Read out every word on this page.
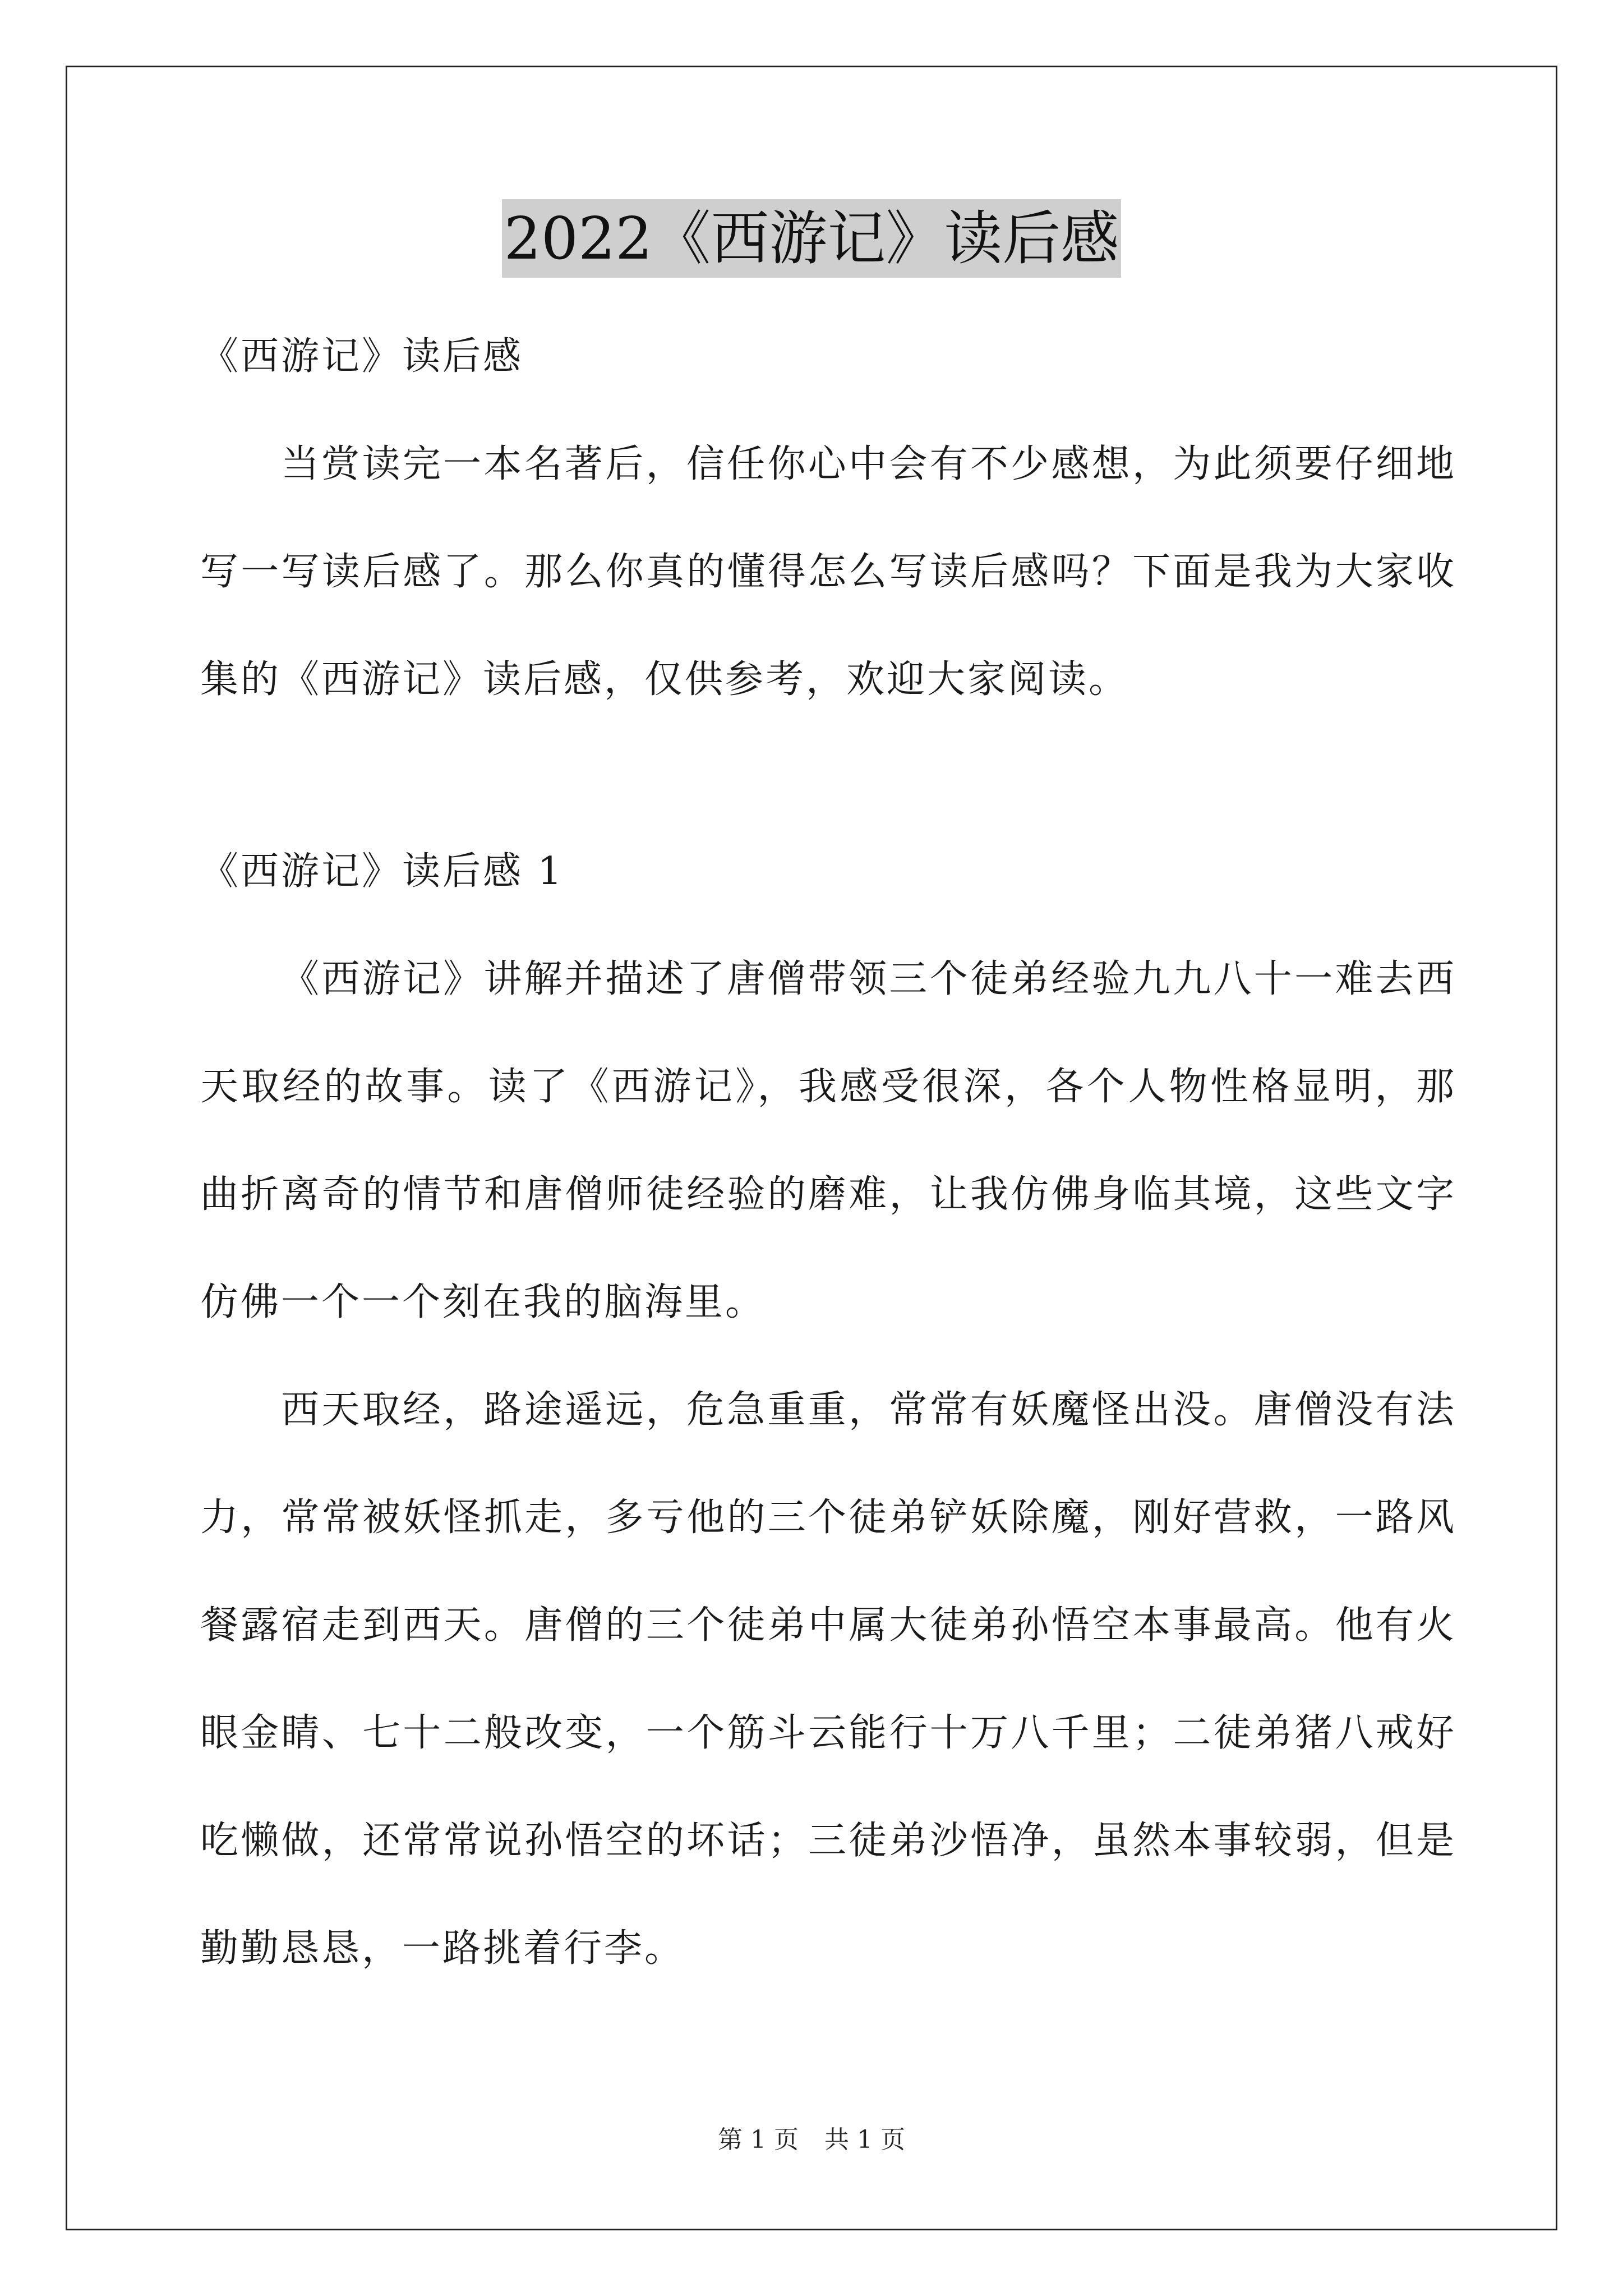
2022《西游记》读后感

《西游记》读后感

当赏读完一本名著后，信任你心中会有不少感想，为此须要仔细地写一写读后感了。那么你真的懂得怎么写读后感吗？下面是我为大家收集的《西游记》读后感，仅供参考，欢迎大家阅读。

《西游记》读后感 1

《西游记》讲解并描述了唐僧带领三个徒弟经验九九八十一难去西天取经的故事。读了《西游记》，我感受很深，各个人物性格显明，那曲折离奇的情节和唐僧师徒经验的磨难，让我仿佛身临其境，这些文字仿佛一个一个刻在我的脑海里。

西天取经，路途遥远，危急重重，常常有妖魔怪出没。唐僧没有法力，常常被妖怪抓走，多亏他的三个徒弟铲妖除魔，刚好营救，一路风餐露宿走到西天。唐僧的三个徒弟中属大徒弟孙悟空本事最高。他有火眼金睛、七十二般改变，一个筋斗云能行十万八千里；二徒弟猪八戒好吃懒做，还常常说孙悟空的坏话；三徒弟沙悟净，虽然本事较弱，但是勤勤恳恳，一路挑着行李。

第 1 页 共 1 页
